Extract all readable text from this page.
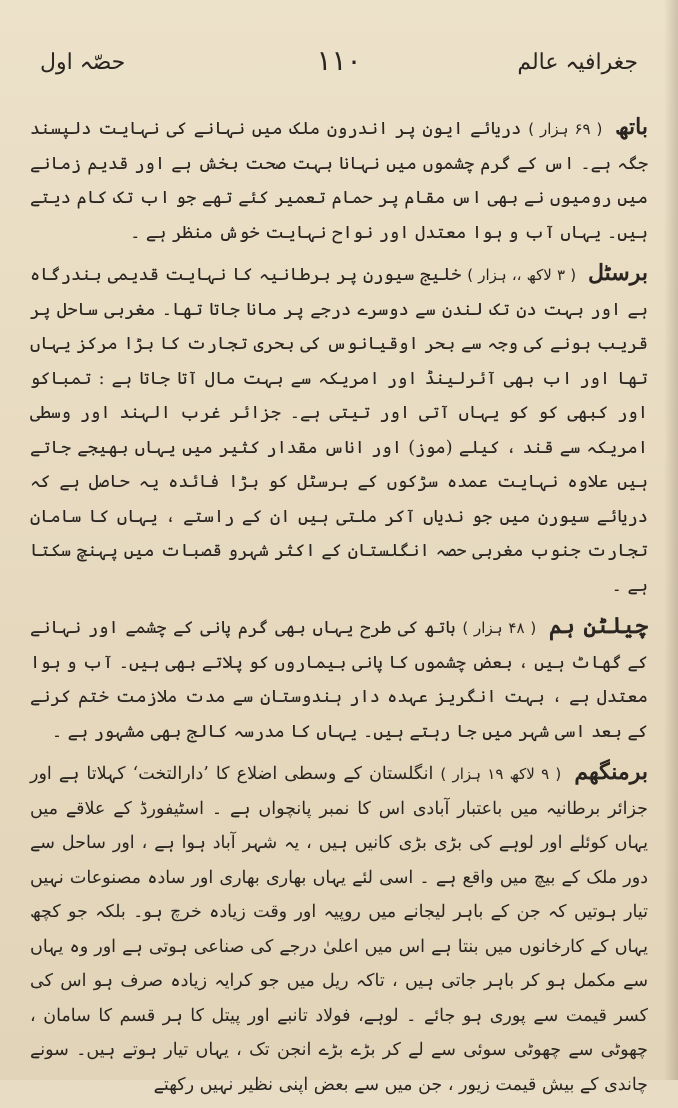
جغرافیہ عالم
۱۱۰
حصّہ اول

باتھ ( ۶۹ ہزار ) دریائے ایون پر اندرون ملک میں نہانے کی نہایت دلپسند جگہ ہے۔ اس کے گرم چشموں میں نہانا بہت صحت بخش ہے اور قدیم زمانے میں رومیوں نے بھی اس مقام پر حمام تعمیر کئے تھے جو اب تک کام دیتے ہیں۔ یہاں آب و ہوا معتدل اور نواح نہایت خوش منظر ہے ۔

برسٹل ( ۳ لاکھ ،، ہزار ) خلیج سیورن پر برطانیہ کا نہایت قدیمی بندرگاہ ہے اور بہت دن تک لندن سے دوسرے درجے پر مانا جاتا تھا۔ مغربی ساحل پر قریب ہونے کی وجہ سے بحر اوقیانوس کی بحری تجارت کا بڑا مرکز یہاں تھا اور اب بھی آئرلینڈ اور امریکہ سے بہت مال آتا جاتا ہے : تمباکو اور کبھی کو کو یہاں آتی اور تیتی ہے۔ جزائر غرب الہند اور وسطی امریکہ سے قند ، کیلے (موز) اور اناس مقدار کثیر میں یہاں بھیجے جاتے ہیں علاوہ نہایت عمدہ سڑکوں کے برسٹل کو بڑا فائدہ یہ حاصل ہے کہ دریائے سیورن میں جو ندیاں آکر ملتی ہیں ان کے راستے ، یہاں کا سامان تجارت جنوب مغربی حصہ انگلستان کے اکثر شہرو قصبات میں پہنچ سکتا ہے ۔

چیلٹن ہم ( ۴۸ ہزار ) باتھ کی طرح یہاں بھی گرم پانی کے چشمے اور نہانے کے گھاٹ ہیں ، بعض چشموں کا پانی بیماروں کو پلاتے بھی ہیں۔ آب و ہوا معتدل ہے ، بہت انگریز عہدہ دار ہندوستان سے مدت ملازمت ختم کرنے کے بعد اسی شہر میں جا رہتے ہیں۔ یہاں کا مدرسہ کالج بھی مشہور ہے ۔

برمنگھم ( ۹ لاکھ ۱۹ ہزار ) انگلستان کے وسطی اضلاع کا ’دارالتخت‘ کہلاتا ہے اور جزائر برطانیہ میں باعتبار آبادی اس کا نمبر پانچواں ہے ۔ اسٹیفورڈ کے علاقے میں یہاں کوئلے اور لوہے کی بڑی بڑی کانیں ہیں ، یہ شہر آباد ہوا ہے ، اور ساحل سے دور ملک کے بیچ میں واقع ہے ۔ اسی لئے یہاں بھاری بھاری اور سادہ مصنوعات نہیں تیار ہوتیں کہ جن کے باہر لیجانے میں روپیہ اور وقت زیادہ خرچ ہو۔ بلکہ جو کچھ یہاں کے کارخانوں میں بنتا ہے اس میں اعلیٰ درجے کی صناعی ہوتی ہے اور وہ یہاں سے مکمل ہو کر باہر جاتی ہیں ، تاکہ ریل میں جو کرایہ زیادہ صرف ہو اس کی کسر قیمت سے پوری ہو جائے ۔ لوہے، فولاد تانبے اور پیتل کا ہر قسم کا سامان ، چھوٹی سے چھوٹی سوئی سے لے کر بڑے بڑے انجن تک ، یہاں تیار ہوتے ہیں۔ سونے چاندی کے بیش قیمت زیور ، جن میں سے بعض اپنی نظیر نہیں رکھتے
